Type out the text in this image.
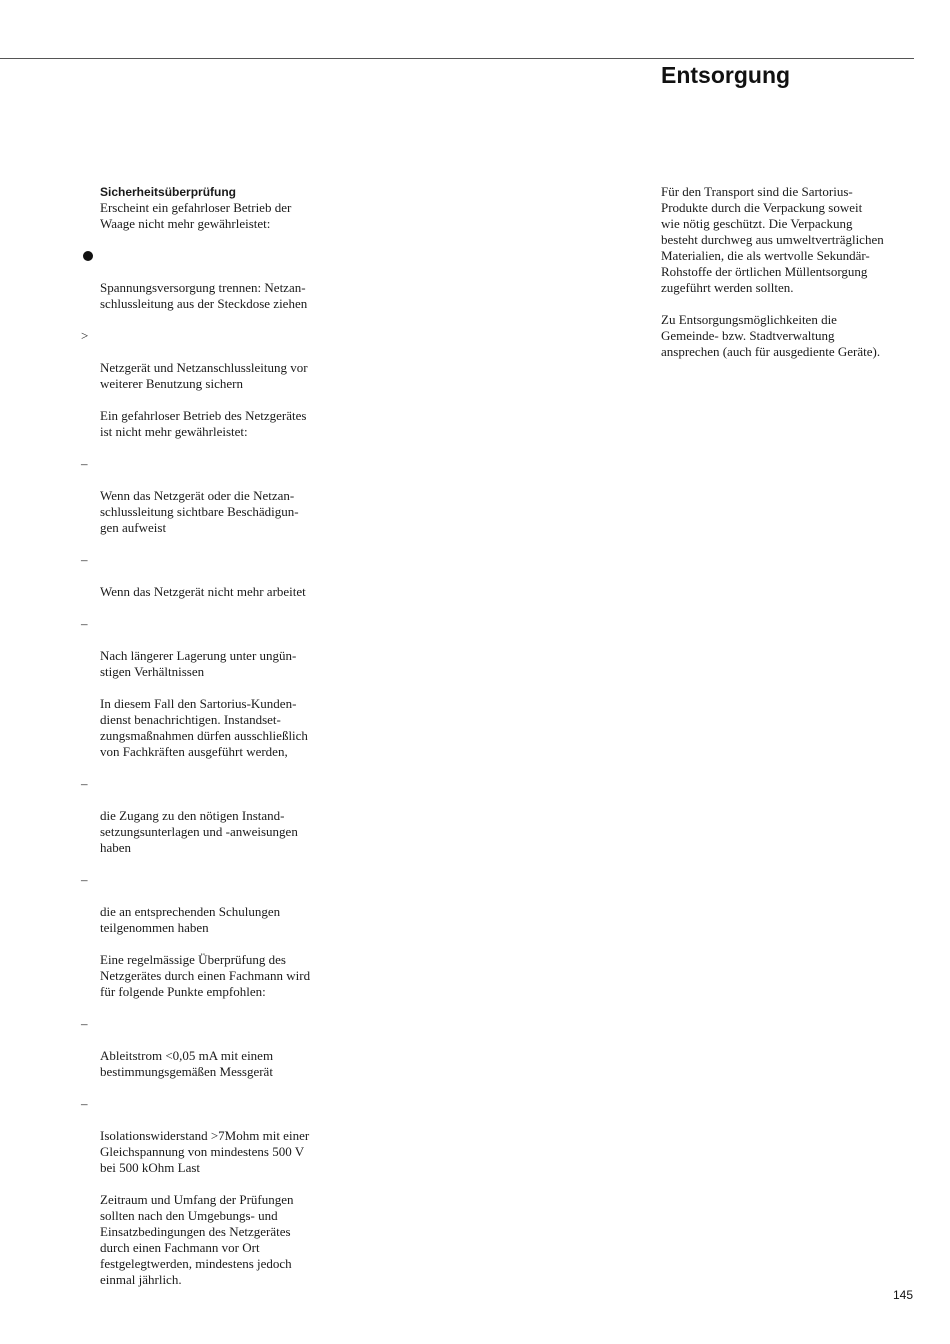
Entsorgung
Sicherheitsüberprüfung

Erscheint ein gefahrloser Betrieb der
Waage nicht mehr gewährleistet:

Spannungsversorgung trennen: Netzan-
schlussleitung aus der Steckdose ziehen

>

Netzgerät und Netzanschlussleitung vor
weiterer Benutzung sichern

Ein gefahrloser Betrieb des Netzgerätes
ist nicht mehr gewährleistet:

–

Wenn das Netzgerät oder die Netzan-
schlussleitung sichtbare Beschädigun-
gen aufweist

–

Wenn das Netzgerät nicht mehr arbeitet

–

Nach längerer Lagerung unter ungün-
stigen Verhältnissen

In diesem Fall den Sartorius-Kunden-
dienst benachrichtigen. Instandset-
zungsmaßnahmen dürfen ausschließlich
von Fachkräften ausgeführt werden,

–

die Zugang zu den nötigen Instand-
setzungsunterlagen und -anweisungen
haben

–

die an entsprechenden Schulungen
teilgenommen haben

Eine regelmässige Überprüfung des
Netzgerätes durch einen Fachmann wird
für folgende Punkte empfohlen:

–

Ableitstrom <0,05 mA mit einem
bestimmungsgemäßen Messgerät

–

Isolationswiderstand >7Mohm mit einer
Gleichspannung von mindestens 500 V
bei 500 kOhm Last

Zeitraum und Umfang der Prüfungen
sollten nach den Umgebungs- und
Einsatzbedingungen des Netzgerätes
durch einen Fachmann vor Ort
festgelegtwerden, mindestens jedoch
einmal jährlich.

Für den Transport sind die Sartorius-
Produkte durch die Verpackung soweit
wie nötig geschützt. Die Verpackung
besteht durchweg aus umweltverträglichen
Materialien, die als wertvolle Sekundär-
Rohstoffe der örtlichen Müllentsorgung
zugeführt werden sollten.

Zu Entsorgungsmöglichkeiten die
Gemeinde- bzw. Stadtverwaltung
ansprechen (auch für ausgediente Geräte).

145
